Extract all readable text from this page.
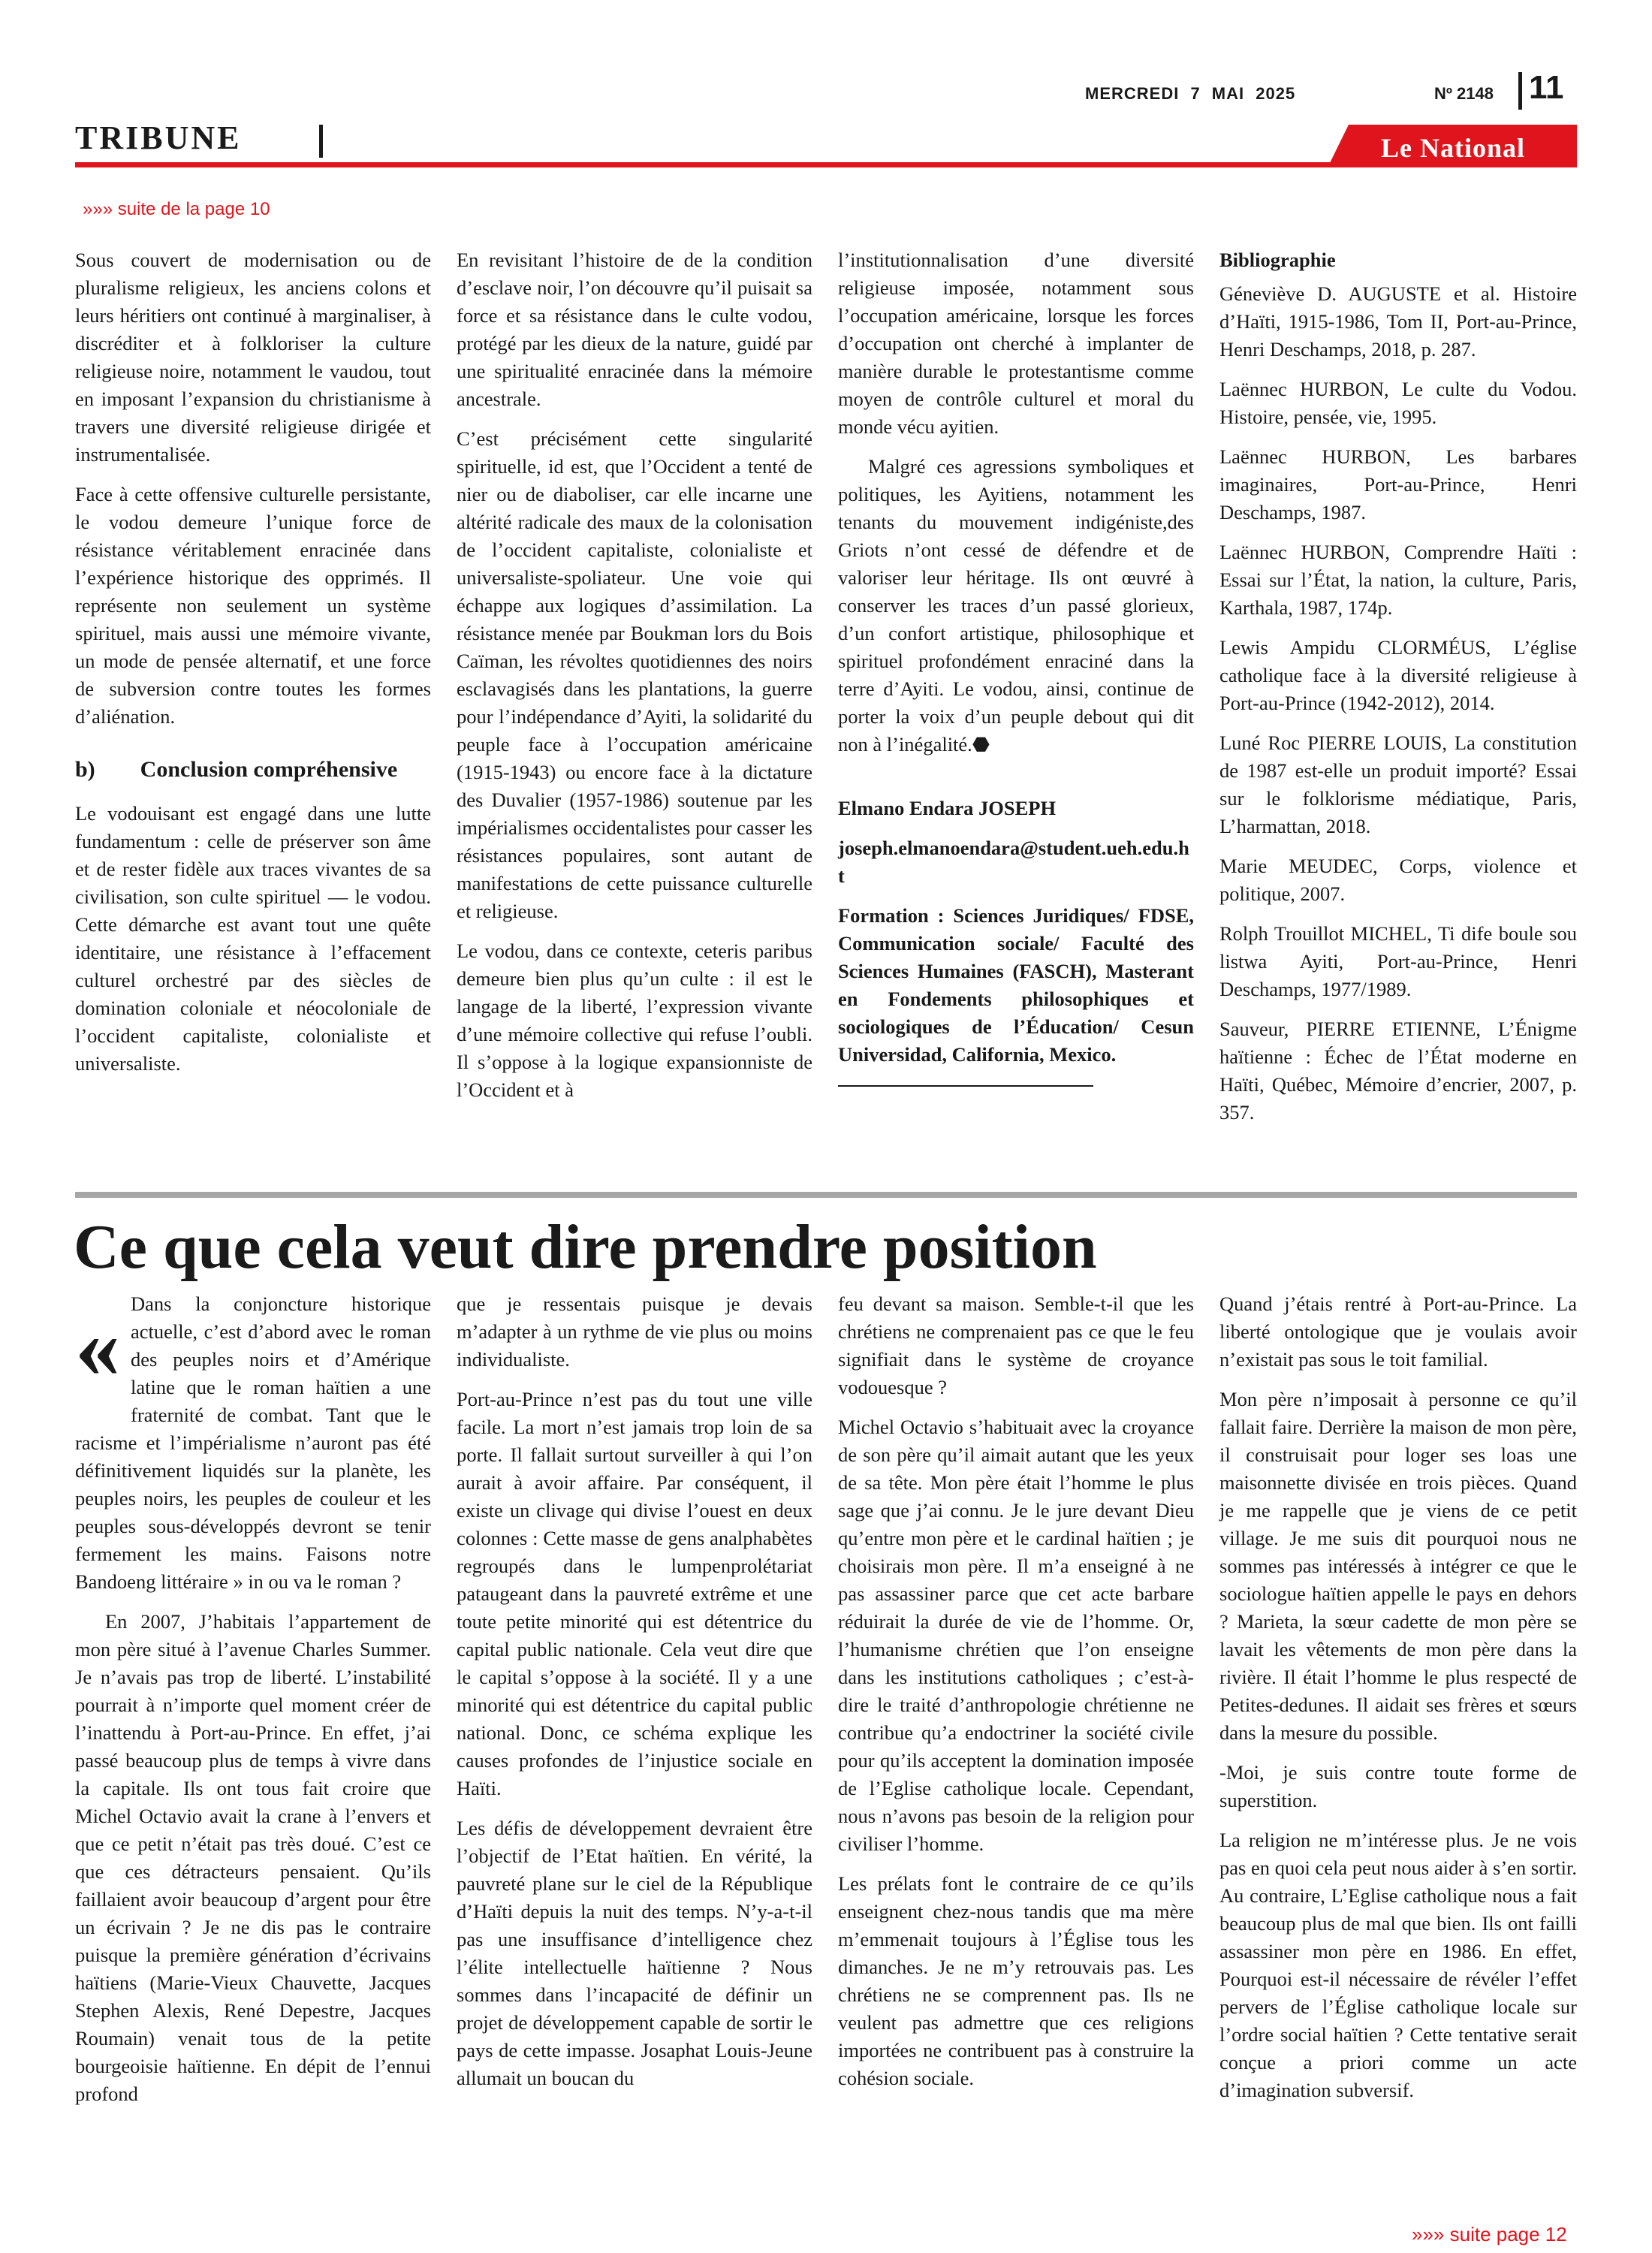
MERCREDI 7 MAI 2025	Nº 2148 11
TRIBUNE	Le National
»»» suite de la page 10

Sous couvert de modernisation ou de pluralisme religieux, les anciens colons et leurs héritiers ont continué à marginaliser, à discréditer et à folkloriser la culture religieuse noire, notamment le vaudou, tout en imposant l’expansion du christianisme à travers une diversité religieuse dirigée et instrumentalisée.

Face à cette offensive culturelle persistante, le vodou demeure l’unique force de résistance véritablement enracinée dans l’expérience historique des opprimés. Il représente non seulement un système spirituel, mais aussi une mémoire vivante, un mode de pensée alternatif, et une force de subversion contre toutes les formes d’aliénation.

b)        Conclusion compréhensive

Le vodouisant est engagé dans une lutte fundamentum : celle de préserver son âme et de rester fidèle aux traces vivantes de sa civilisation, son culte spirituel — le vodou. Cette démarche est avant tout une quête identitaire, une résistance à l’effacement culturel orchestré par des siècles de domination coloniale et néocoloniale de l’occident capitaliste, colonialiste et universaliste.

En revisitant l’histoire de de la condition d’esclave noir, l’on découvre qu’il puisait sa force et sa résistance dans le culte vodou, protégé par les dieux de la nature, guidé par une spiritualité enracinée dans la mémoire ancestrale.

C’est précisément cette singularité spirituelle, id est, que l’Occident a tenté de nier ou de diaboliser, car elle incarne une altérité radicale des maux de la colonisation de l’occident capitaliste, colonialiste et universaliste-spoliateur. Une voie qui échappe aux logiques d’assimilation. La résistance menée par Boukman lors du Bois Caïman, les révoltes quotidiennes des noirs esclavagisés dans les plantations, la guerre pour l’indépendance d’Ayiti, la solidarité du peuple face à l’occupation américaine (1915-1943) ou encore face à la dictature des Duvalier (1957-1986) soutenue par les impérialismes occidentalistes pour casser les résistances populaires, sont autant de manifestations de cette puissance culturelle et religieuse.

Le vodou, dans ce contexte, ceteris paribus demeure bien plus qu’un culte : il est le langage de la liberté, l’expression vivante d’une mémoire collective qui refuse l’oubli. Il s’oppose à la logique expansionniste de l’Occident et à

l’institutionnalisation d’une diversité religieuse imposée, notamment sous l’occupation américaine, lorsque les forces d’occupation ont cherché à implanter de manière durable le protestantisme comme moyen de contrôle culturel et moral du monde vécu ayitien.

Malgré ces agressions symboliques et politiques, les Ayitiens, notamment les tenants du mouvement indigéniste,des Griots n’ont cessé de défendre et de valoriser leur héritage. Ils ont œuvré à conserver les traces d’un passé glorieux, d’un confort artistique, philosophique et spirituel profondément enraciné dans la terre d’Ayiti. Le vodou, ainsi, continue de porter la voix d’un peuple debout qui dit non à l’inégalité.⬣

Elmano Endara JOSEPH

joseph.elmanoendara@student.ueh.edu.ht

Formation : Sciences Juridiques/ FDSE, Communication sociale/ Faculté des Sciences Humaines (FASCH), Masterant en Fondements philosophiques et sociologiques de l’Éducation/ Cesun Universidad, California, Mexico.

Bibliographie

Géneviève D. AUGUSTE et al. Histoire d’Haïti, 1915-1986, Tom II, Port-au-Prince, Henri Deschamps, 2018, p. 287.

Laënnec HURBON, Le culte du Vodou. Histoire, pensée, vie, 1995.

Laënnec HURBON, Les barbares imaginaires, Port-au-Prince, Henri Deschamps, 1987.

Laënnec HURBON, Comprendre Haïti : Essai sur l’État, la nation, la culture, Paris, Karthala, 1987, 174p.

Lewis Ampidu CLORMÉUS, L’église catholique face à la diversité religieuse à Port-au-Prince (1942-2012), 2014.

Luné Roc PIERRE LOUIS, La constitution de 1987 est-elle un produit importé? Essai sur le folklorisme médiatique, Paris, L’harmattan, 2018.

Marie MEUDEC, Corps, violence et politique, 2007.

Rolph Trouillot MICHEL, Ti dife boule sou listwa Ayiti, Port-au-Prince, Henri Deschamps, 1977/1989.

Sauveur, PIERRE ETIENNE, L’Énigme haïtienne : Échec de l’État moderne en Haïti, Québec, Mémoire d’encrier, 2007, p. 357.

Ce que cela veut dire prendre position
« Dans la conjoncture historique actuelle, c’est d’abord avec le roman des peuples noirs et d’Amérique latine que le roman haïtien a une fraternité de combat. Tant que le racisme et l’impérialisme n’auront pas été définitivement liquidés sur la planète, les peuples noirs, les peuples de couleur et les peuples sous-développés devront se tenir fermement les mains. Faisons notre Bandoeng littéraire » in ou va le roman ?

En 2007, J’habitais l’appartement de mon père situé à l’avenue Charles Summer. Je n’avais pas trop de liberté. L’instabilité pourrait à n’importe quel moment créer de l’inattendu à Port-au-Prince. En effet, j’ai passé beaucoup plus de temps à vivre dans la capitale. Ils ont tous fait croire que Michel Octavio avait la crane à l’envers et que ce petit n’était pas très doué. C’est ce que ces détracteurs pensaient. Qu’ils faillaient avoir beaucoup d’argent pour être un écrivain ? Je ne dis pas le contraire puisque la première génération d’écrivains haïtiens (Marie-Vieux Chauvette, Jacques Stephen Alexis, René Depestre, Jacques Roumain) venait tous de la petite bourgeoisie haïtienne. En dépit de l’ennui profond

que je ressentais puisque je devais m’adapter à un rythme de vie plus ou moins individualiste.

Port-au-Prince n’est pas du tout une ville facile. La mort n’est jamais trop loin de sa porte. Il fallait surtout surveiller à qui l’on aurait à avoir affaire. Par conséquent, il existe un clivage qui divise l’ouest en deux colonnes : Cette masse de gens analphabètes regroupés dans le lumpenprolétariat pataugeant dans la pauvreté extrême et une toute petite minorité qui est détentrice du capital public nationale. Cela veut dire que le capital s’oppose à la société. Il y a une minorité qui est détentrice du capital public national. Donc, ce schéma explique les causes profondes de l’injustice sociale en Haïti.

Les défis de développement devraient être l’objectif de l’Etat haïtien. En vérité, la pauvreté plane sur le ciel de la République d’Haïti depuis la nuit des temps. N’y-a-t-il pas une insuffisance d’intelligence chez l’élite intellectuelle haïtienne ? Nous sommes dans l’incapacité de définir un projet de développement capable de sortir le pays de cette impasse. Josaphat Louis-Jeune allumait un boucan du

feu devant sa maison. Semble-t-il que les chrétiens ne comprenaient pas ce que le feu signifiait dans le système de croyance vodouesque ?

Michel Octavio s’habituait avec la croyance de son père qu’il aimait autant que les yeux de sa tête. Mon père était l’homme le plus sage que j’ai connu. Je le jure devant Dieu qu’entre mon père et le cardinal haïtien ; je choisirais mon père. Il m’a enseigné à ne pas assassiner parce que cet acte barbare réduirait la durée de vie de l’homme. Or, l’humanisme chrétien que l’on enseigne dans les institutions catholiques ; c’est-à-dire le traité d’anthropologie chrétienne ne contribue qu’a endoctriner la société civile pour qu’ils acceptent la domination imposée de l’Eglise catholique locale. Cependant, nous n’avons pas besoin de la religion pour civiliser l’homme.

Les prélats font le contraire de ce qu’ils enseignent chez-nous tandis que ma mère m’emmenait toujours à l’Église tous les dimanches. Je ne m’y retrouvais pas. Les chrétiens ne se comprennent pas. Ils ne veulent pas admettre que ces religions importées ne contribuent pas à construire la cohésion sociale.

Quand j’étais rentré à Port-au-Prince. La liberté ontologique que je voulais avoir n’existait pas sous le toit familial.

Mon père n’imposait à personne ce qu’il fallait faire. Derrière la maison de mon père, il construisait pour loger ses loas une maisonnette divisée en trois pièces. Quand je me rappelle que je viens de ce petit village. Je me suis dit pourquoi nous ne sommes pas intéressés à intégrer ce que le sociologue haïtien appelle le pays en dehors ? Marieta, la sœur cadette de mon père se lavait les vêtements de mon père dans la rivière. Il était l’homme le plus respecté de Petites-dedunes. Il aidait ses frères et sœurs dans la mesure du possible.

-Moi, je suis contre toute forme de superstition.

La religion ne m’intéresse plus. Je ne vois pas en quoi cela peut nous aider à s’en sortir. Au contraire, L’Eglise catholique nous a fait beaucoup plus de mal que bien. Ils ont failli assassiner mon père en 1986. En effet, Pourquoi est-il nécessaire de révéler l’effet pervers de l’Église catholique locale sur l’ordre social haïtien ? Cette tentative serait conçue a priori comme un acte d’imagination subversif.

»»» suite page 12
